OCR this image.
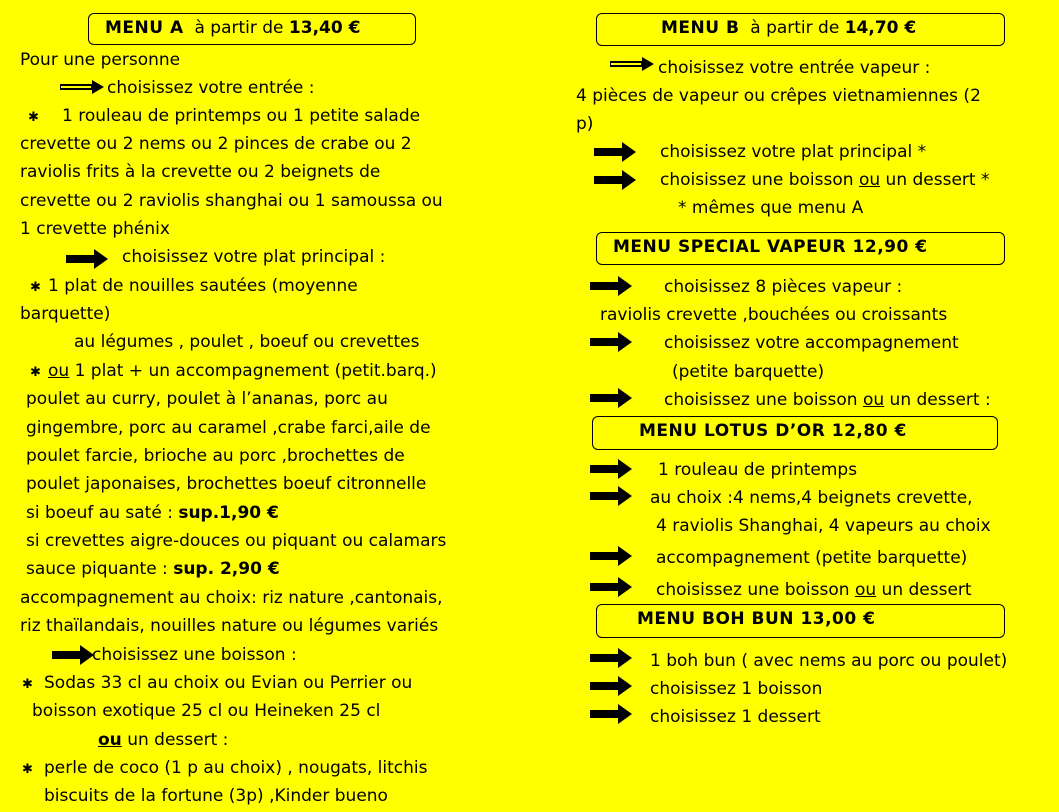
MENU A à partir de 13,40 €
Pour une personne
choisissez votre entrée :
✱ 1 rouleau de printemps ou 1 petite salade
crevette ou 2 nems ou 2 pinces de crabe ou 2
raviolis frits à la crevette ou 2 beignets de
crevette ou 2 raviolis shanghai ou 1 samoussa ou
1 crevette phénix
choisissez votre plat principal :
✱ 1 plat de nouilles sautées (moyenne
barquette)
au légumes , poulet , boeuf ou crevettes
✱ ou 1 plat + un accompagnement (petit.barq.)
poulet au curry, poulet à l’ananas, porc au
gingembre, porc au caramel ,crabe farci,aile de
poulet farcie, brioche au porc ,brochettes de
poulet japonaises, brochettes boeuf citronnelle
si boeuf au saté : sup.1,90 €
si crevettes aigre-douces ou piquant ou calamars
sauce piquante : sup. 2,90 €
accompagnement au choix: riz nature ,cantonais,
riz thaïlandais, nouilles nature ou légumes variés
choisissez une boisson :
✱ Sodas 33 cl au choix ou Evian ou Perrier ou
boisson exotique 25 cl ou Heineken 25 cl
ou un dessert :
✱ perle de coco (1 p au choix) , nougats, litchis
biscuits de la fortune (3p) ,Kinder bueno
MENU B à partir de 14,70 €
choisissez votre entrée vapeur :
4 pièces de vapeur ou crêpes vietnamiennes (2
p)
choisissez votre plat principal *
choisissez une boisson ou un dessert *
* mêmes que menu A
MENU SPECIAL VAPEUR 12,90 €
choisissez 8 pièces vapeur :
raviolis crevette ,bouchées ou croissants
choisissez votre accompagnement
(petite barquette)
choisissez une boisson ou un dessert :
MENU LOTUS D’OR 12,80 €
1 rouleau de printemps
au choix :4 nems,4 beignets crevette,
4 raviolis Shanghai, 4 vapeurs au choix
accompagnement (petite barquette)
choisissez une boisson ou un dessert
MENU BOH BUN 13,00 €
1 boh bun ( avec nems au porc ou poulet)
choisissez 1 boisson
choisissez 1 dessert
